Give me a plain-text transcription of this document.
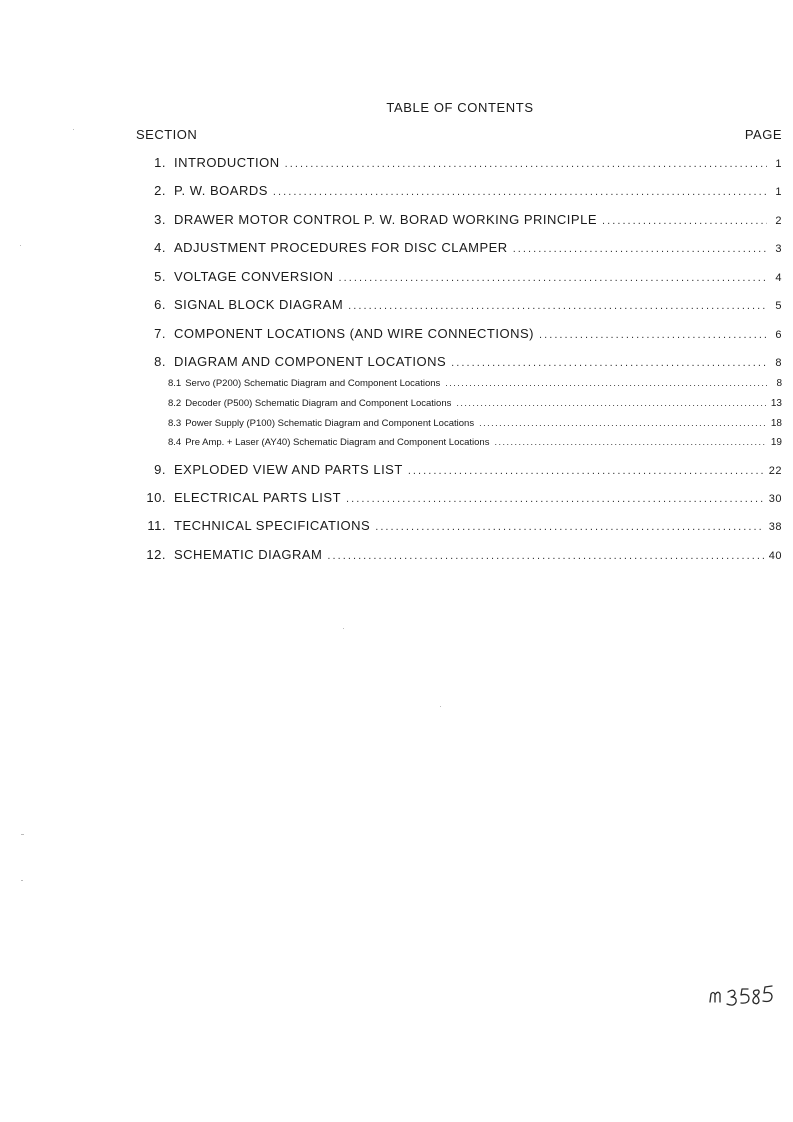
TABLE OF CONTENTS
SECTION	PAGE
1. INTRODUCTION . . .	1
2. P. W. BOARDS . . .	1
3. DRAWER MOTOR CONTROL P. W. BORAD WORKING PRINCIPLE . . .	2
4. ADJUSTMENT PROCEDURES FOR DISC CLAMPER . . .	3
5. VOLTAGE CONVERSION . . .	4
6. SIGNAL BLOCK DIAGRAM . . .	5
7. COMPONENT LOCATIONS (AND WIRE CONNECTIONS) . . .	6
8. DIAGRAM AND COMPONENT LOCATIONS . . .	8
8.1 Servo (P200) Schematic Diagram and Component Locations . . .	8
8.2 Decoder (P500) Schematic Diagram and Component Locations . . .	13
8.3 Power Supply (P100) Schematic Diagram and Component Locations . . .	18
8.4 Pre Amp. + Laser (AY40) Schematic Diagram and Component Locations . . .	19
9. EXPLODED VIEW AND PARTS LIST . . .	22
10. ELECTRICAL PARTS LIST . . .	30
11. TECHNICAL SPECIFICATIONS . . .	38
12. SCHEMATIC DIAGRAM . . .	40
